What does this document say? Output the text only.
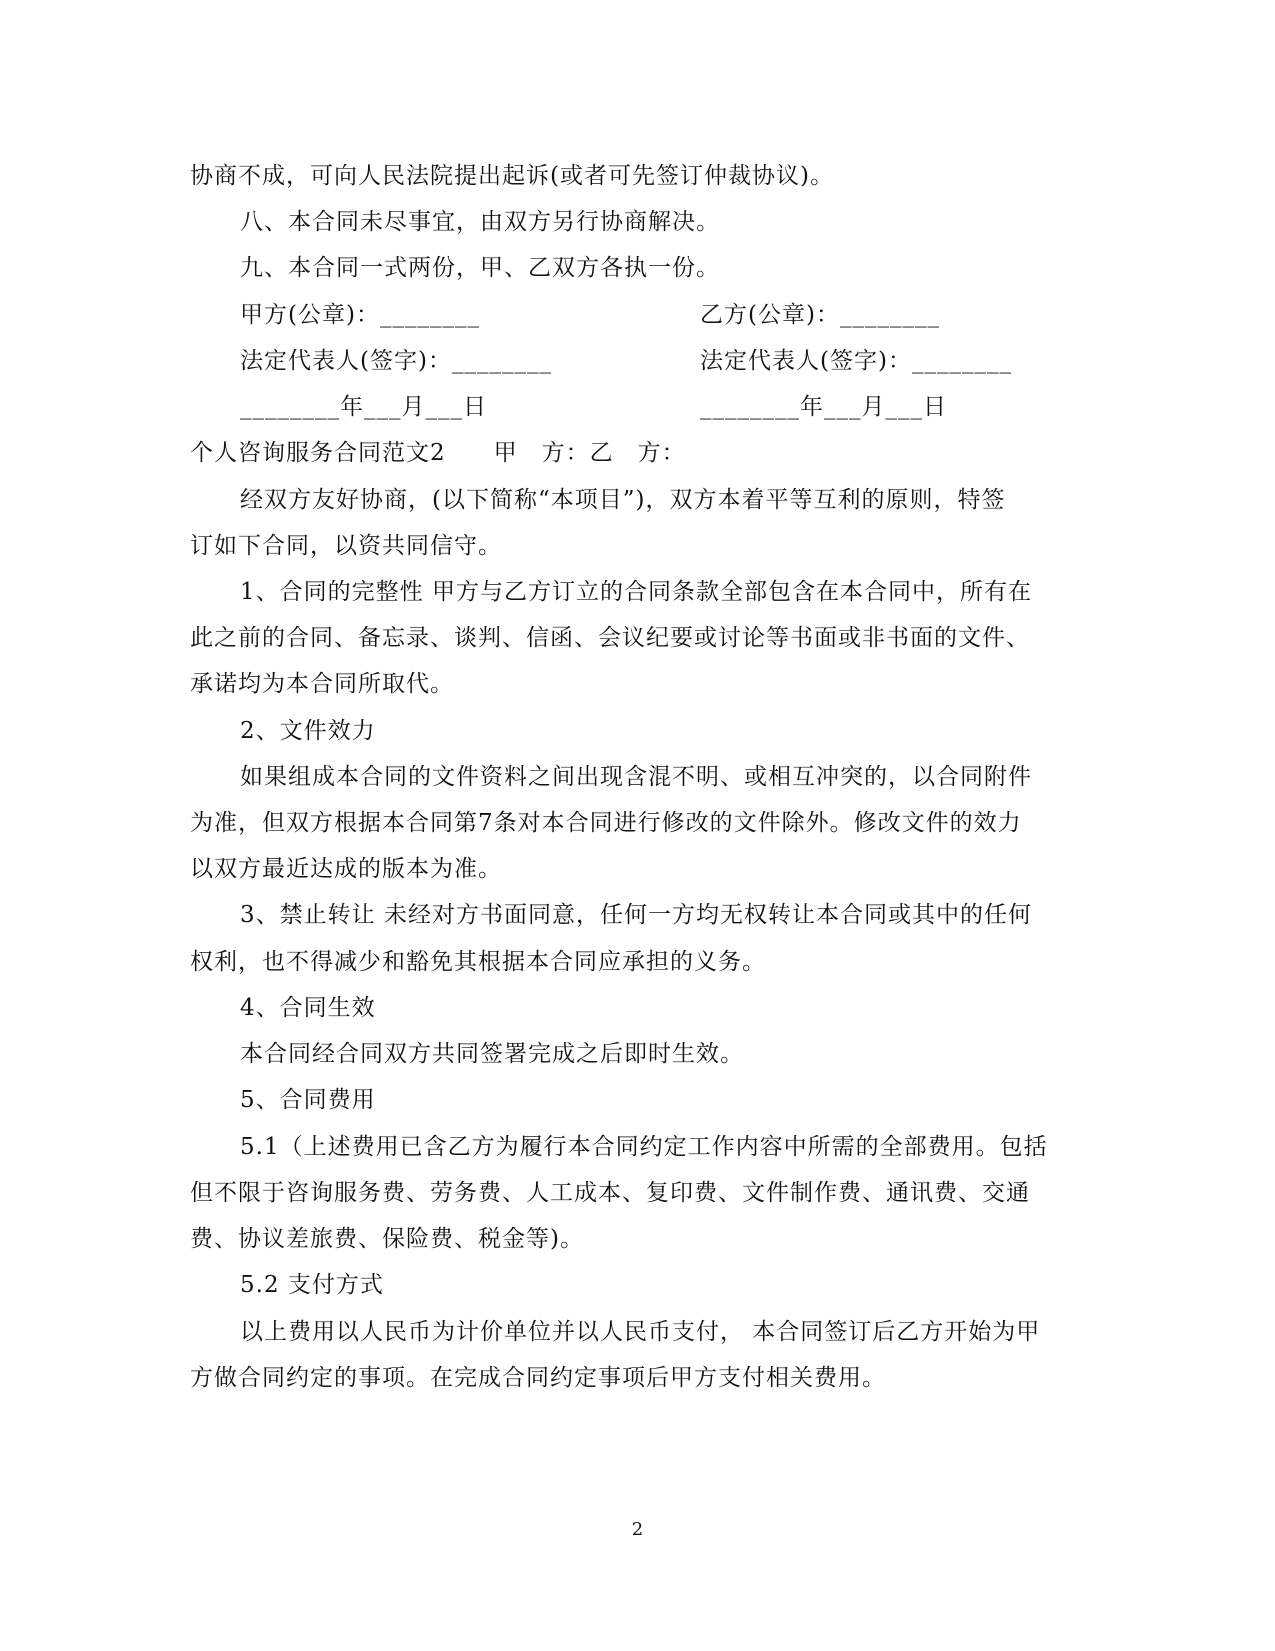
协商不成，可向人民法院提出起诉(或者可先签订仲裁协议)。
八、本合同未尽事宜，由双方另行协商解决。
九、本合同一式两份，甲、乙双方各执一份。
甲方(公章)：________	乙方(公章)：________
法定代表人(签字)：________	法定代表人(签字)：________
________年___月___日	________年___月___日
个人咨询服务合同范文2　　甲　方：乙　方：
经双方友好协商，(以下简称“本项目”)，双方本着平等互利的原则，特签
订如下合同，以资共同信守。
1、合同的完整性 甲方与乙方订立的合同条款全部包含在本合同中，所有在
此之前的合同、备忘录、谈判、信函、会议纪要或讨论等书面或非书面的文件、
承诺均为本合同所取代。
2、文件效力
如果组成本合同的文件资料之间出现含混不明、或相互冲突的，以合同附件
为准，但双方根据本合同第7条对本合同进行修改的文件除外。修改文件的效力
以双方最近达成的版本为准。
3、禁止转让 未经对方书面同意，任何一方均无权转让本合同或其中的任何
权利，也不得减少和豁免其根据本合同应承担的义务。
4、合同生效
本合同经合同双方共同签署完成之后即时生效。
5、合同费用
5.1（上述费用已含乙方为履行本合同约定工作内容中所需的全部费用。包括
但不限于咨询服务费、劳务费、人工成本、复印费、文件制作费、通讯费、交通
费、协议差旅费、保险费、税金等)。
5.2 支付方式
以上费用以人民币为计价单位并以人民币支付， 本合同签订后乙方开始为甲
方做合同约定的事项。在完成合同约定事项后甲方支付相关费用。
2
